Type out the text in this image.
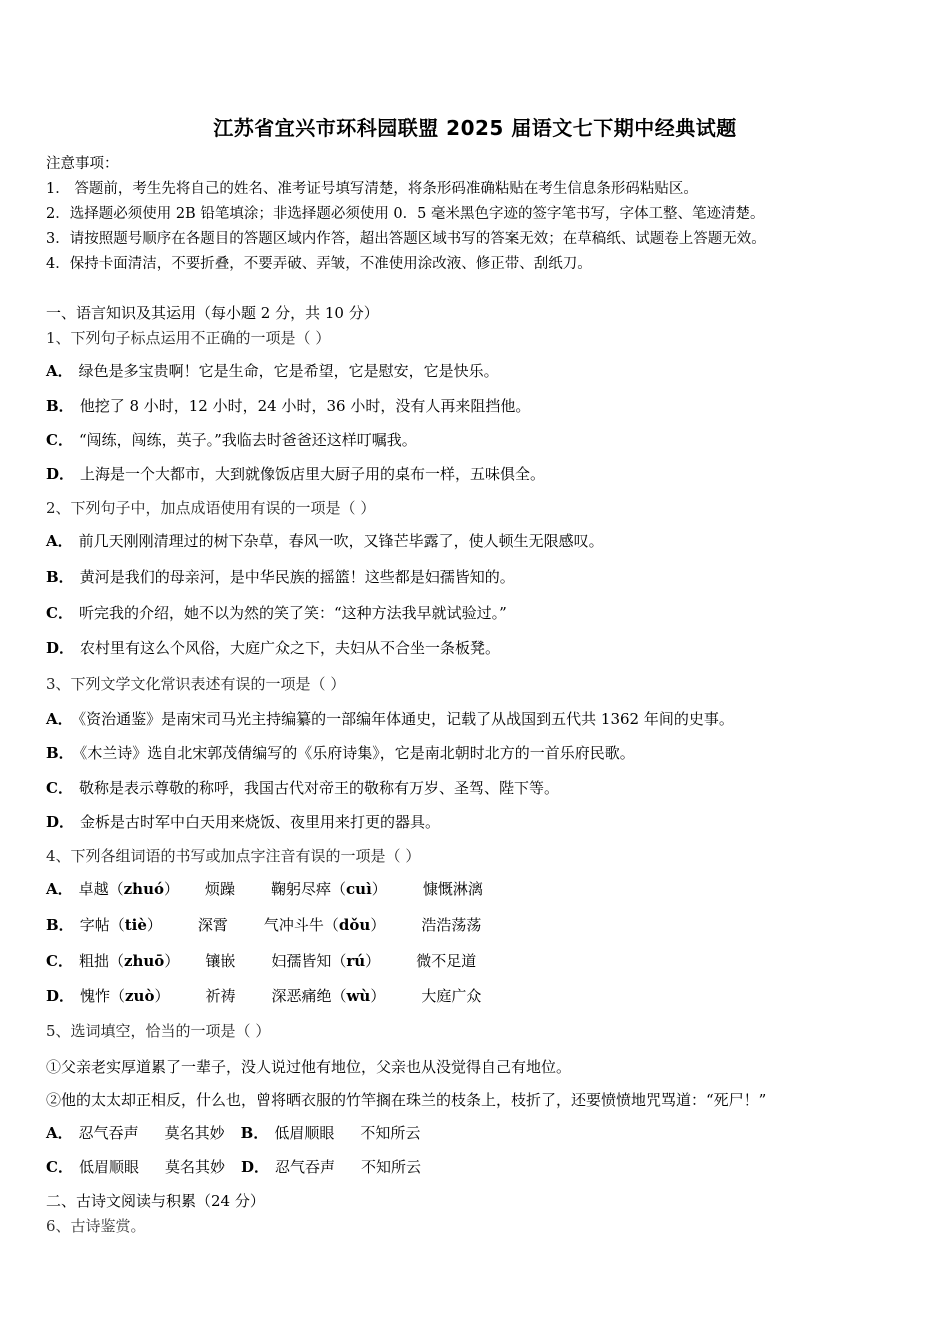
江苏省宜兴市环科园联盟 2025 届语文七下期中经典试题
注意事项：
1． 答题前，考生先将自己的姓名、准考证号填写清楚，将条形码准确粘贴在考生信息条形码粘贴区。
2．选择题必须使用 2B 铅笔填涂；非选择题必须使用 0．5 毫米黑色字迹的签字笔书写，字体工整、笔迹清楚。
3．请按照题号顺序在各题目的答题区域内作答，超出答题区域书写的答案无效；在草稿纸、试题卷上答题无效。
4．保持卡面清洁，不要折叠，不要弄破、弄皱，不准使用涂改液、修正带、刮纸刀。
一、语言知识及其运用（每小题 2 分，共 10 分）
1、下列句子标点运用不正确的一项是（ ）
A． 绿色是多宝贵啊！它是生命，它是希望，它是慰安，它是快乐。
B． 他挖了 8 小时，12 小时，24 小时，36 小时，没有人再来阻挡他。
C． “闯练，闯练，英子。”我临去时爸爸还这样叮嘱我。
D． 上海是一个大都市，大到就像饭店里大厨子用的桌布一样，五味俱全。
2、下列句子中，加点成语使用有误的一项是（ ）
A． 前几天刚刚清理过的树下杂草，春风一吹，又锋芒毕露了，使人顿生无限感叹。
B． 黄河是我们的母亲河，是中华民族的摇篮！这些都是妇孺皆知的。
C． 听完我的介绍，她不以为然的笑了笑：“这种方法我早就试验过。”
D． 农村里有这么个风俗，大庭广众之下，夫妇从不合坐一条板凳。
3、下列文学文化常识表述有误的一项是（ ）
A． 《资治通鉴》是南宋司马光主持编纂的一部编年体通史，记载了从战国到五代共 1362 年间的史事。
B． 《木兰诗》选自北宋郭茂倩编写的《乐府诗集》，它是南北朝时北方的一首乐府民歌。
C． 敬称是表示尊敬的称呼，我国古代对帝王的敬称有万岁、圣驾、陛下等。
D． 金柝是古时军中白天用来烧饭、夜里用来打更的器具。
4、下列各组词语的书写或加点字注音有误的一项是（ ）
A． 卓越（zhuó） 烦躁 鞠躬尽瘁（cuì） 慷慨淋漓
B． 字帖（tiè） 深霄 气冲斗牛（dǒu） 浩浩荡荡
C． 粗拙（zhuō） 镶嵌 妇孺皆知（rú） 微不足道
D． 愧怍（zuò） 祈祷 深恶痛绝（wù） 大庭广众
5、选词填空，恰当的一项是（ ）
①父亲老实厚道累了一辈子，没人说过他有地位，父亲也从没觉得自己有地位。
②他的太太却正相反，什么也，曾将晒衣服的竹竿搁在珠兰的枝条上，枝折了，还要愤愤地咒骂道：“死尸！”
A． 忍气吞声 莫名其妙 B． 低眉顺眼 不知所云
C． 低眉顺眼 莫名其妙 D． 忍气吞声 不知所云
二、古诗文阅读与积累（24 分）
6、古诗鉴赏。
